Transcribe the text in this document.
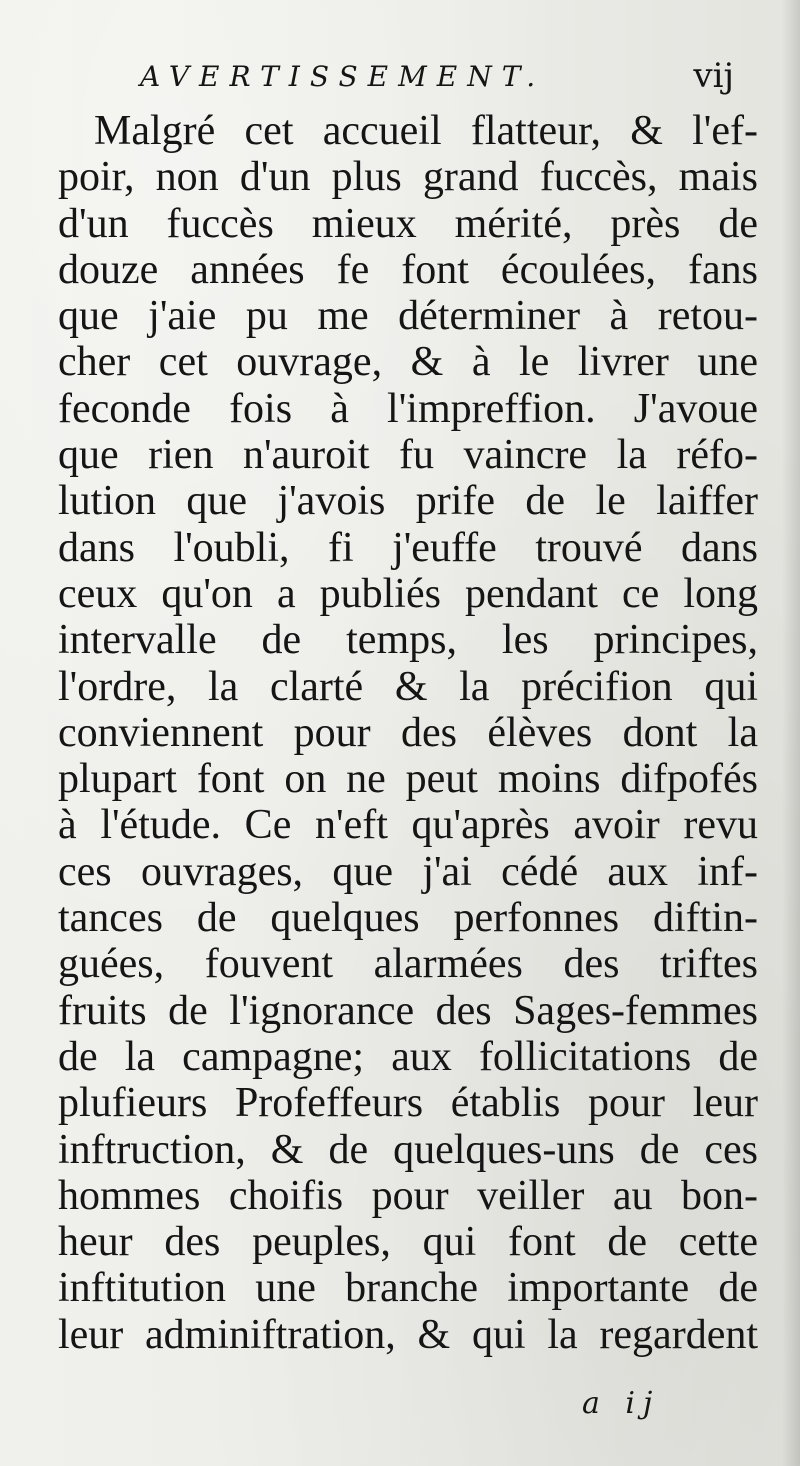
AVERTISSEMENT.	vij
Malgré cet accueil flatteur, & l'ef-
poir, non d'un plus grand fuccès, mais
d'un fuccès mieux mérité, près de
douze années fe font écoulées, fans
que j'aie pu me déterminer à retou-
cher cet ouvrage, & à le livrer une
feconde fois à l'impreffion. J'avoue
que rien n'auroit fu vaincre la réfo-
lution que j'avois prife de le laiffer
dans l'oubli, fi j'euffe trouvé dans
ceux qu'on a publiés pendant ce long
intervalle de temps, les principes,
l'ordre, la clarté & la précifion qui
conviennent pour des élèves dont la
plupart font on ne peut moins difpofés
à l'étude. Ce n'eft qu'après avoir revu
ces ouvrages, que j'ai cédé aux inf-
tances de quelques perfonnes diftin-
guées, fouvent alarmées des triftes
fruits de l'ignorance des Sages-femmes
de la campagne; aux follicitations de
plufieurs Profeffeurs établis pour leur
inftruction, & de quelques-uns de ces
hommes choifis pour veiller au bon-
heur des peuples, qui font de cette
inftitution une branche importante de
leur adminiftration, & qui la regardent
a ij
